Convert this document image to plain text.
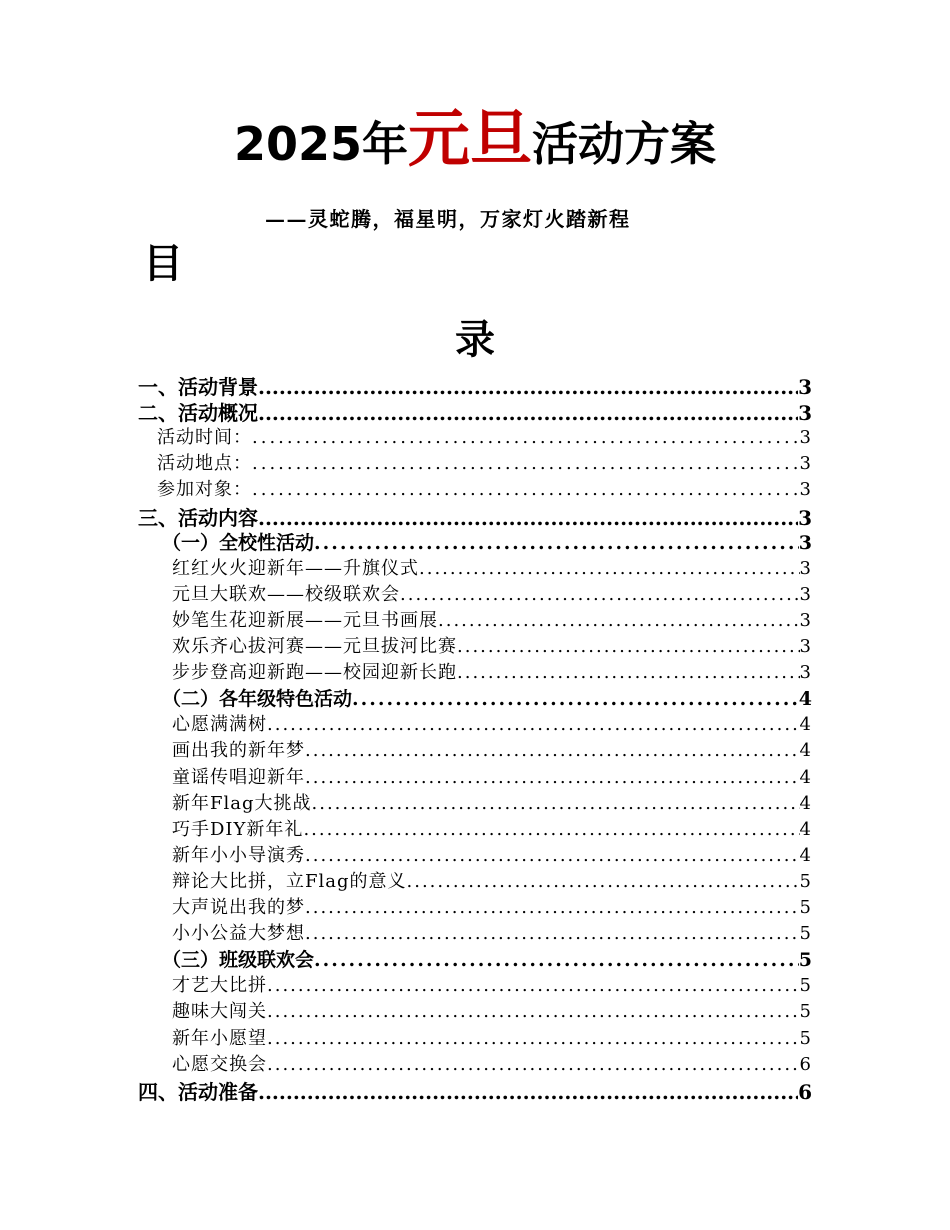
2025年元旦活动方案
——灵蛇腾，福星明，万家灯火踏新程
目
录
一、活动背景 .....	3
二、活动概况 .....	3
活动时间： .....	3
活动地点： .....	3
参加对象： .....	3
三、活动内容 .....	3
（一）全校性活动 .....	3
红红火火迎新年——升旗仪式 .....	3
元旦大联欢——校级联欢会 .....	3
妙笔生花迎新展——元旦书画展 .....	3
欢乐齐心拔河赛——元旦拔河比赛 .....	3
步步登高迎新跑——校园迎新长跑 .....	3
（二）各年级特色活动 .....	4
心愿满满树 .....	4
画出我的新年梦 .....	4
童谣传唱迎新年 .....	4
新年Flag大挑战 .....	4
巧手DIY新年礼 .....	4
新年小小导演秀 .....	4
辩论大比拼，立Flag的意义 .....	5
大声说出我的梦 .....	5
小小公益大梦想 .....	5
（三）班级联欢会 .....	5
才艺大比拼 .....	5
趣味大闯关 .....	5
新年小愿望 .....	5
心愿交换会 .....	6
四、活动准备 .....	6
